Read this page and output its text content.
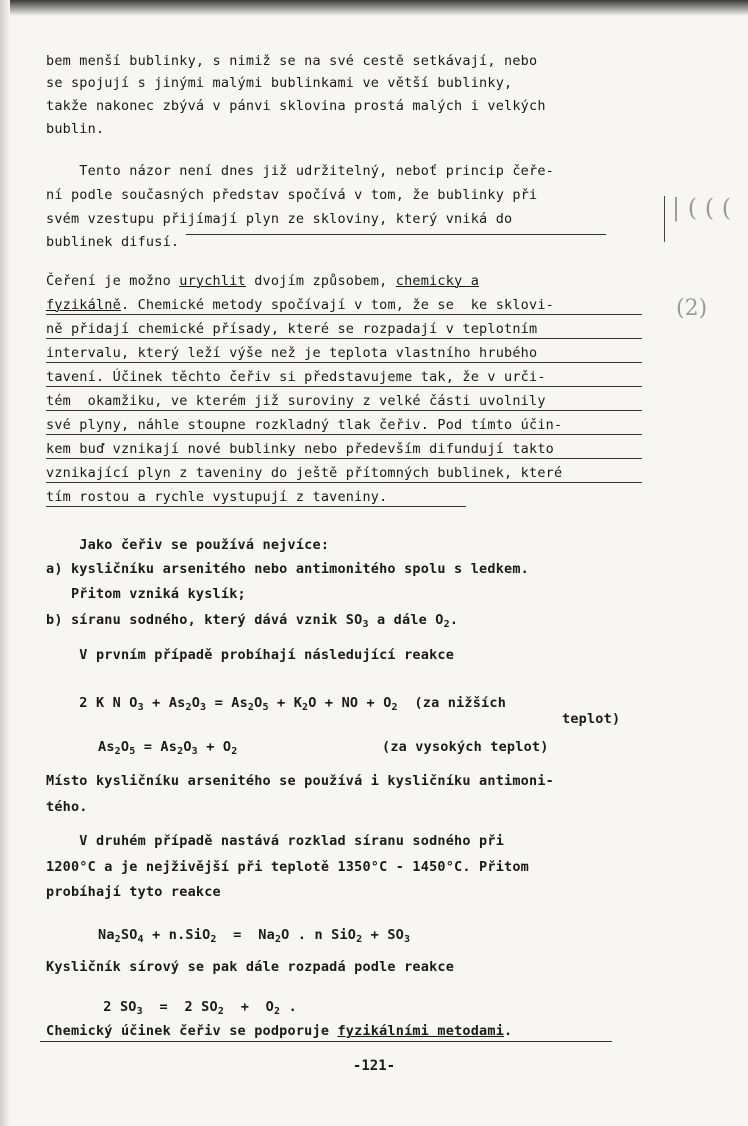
bem menší bublinky, s nimiž se na své cestě setkávají, nebo
se spojují s jinými malými bublinkami ve větší bublinky,
takže nakonec zbývá v pánvi sklovina prostá malých i velkých
bublin.
Tento názor není dnes již udržitelný, neboť princip čeře-
ní podle současných představ spočívá v tom, že bublinky při
svém vzestupu přijímají plyn ze skloviny, který vniká do
bublinek difusí.
Čeření je možno urychlit dvojím způsobem, chemicky a
fyzikálně. Chemické metody spočívají v tom, že se  ke sklovi-
ně přidají chemické přísady, které se rozpadají v teplotním
intervalu, který leží výše než je teplota vlastního hrubého
tavení. Účinek těchto čeřiv si představujeme tak, že v urči-
tém  okamžiku, ve kterém již suroviny z velké části uvolnily
své plyny, náhle stoupne rozkladný tlak čeřiv. Pod tímto účin-
kem buď vznikají nové bublinky nebo především difundují takto
vznikající plyn z taveniny do ještě přítomných bublinek, které
tím rostou a rychle vystupují z taveniny.
Jako čeřiv se používá nejvíce:
a) kysličníku arsenitého nebo antimonitého spolu s ledkem.
Přitom vzniká kyslík;
b) síranu sodného, který dává vznik $SO_3$ a dále $O_2$.
V prvním případě probíhají následující reakce
2 K N $O_3 + As_2O_3 = As_2O_5 + K_2O$ + NO + $O_2$  (za nižších
teplot)
$As_2O_5 = As_2O_3 + O_2$	(za vysokých teplot)
Místo kysličníku arsenitého se používá i kysličníku antimoni-
tého.
V druhém případě nastává rozklad síranu sodného při
1200°C a je nejživější při teplotě 1350°C - 1450°C. Přitom
probíhají tyto reakce
$Na_2SO_4 + n.SiO_2 = Na_2O$ . n $SiO_2 + SO_3$
Kysličník sírový se pak dále rozpadá podle reakce
2 $SO_3 = 2$ $SO_2 + O_2$ .
Chemický účinek čeřiv se podporuje fyzikálními metodami.
-121-
| ( ( (
(2)
